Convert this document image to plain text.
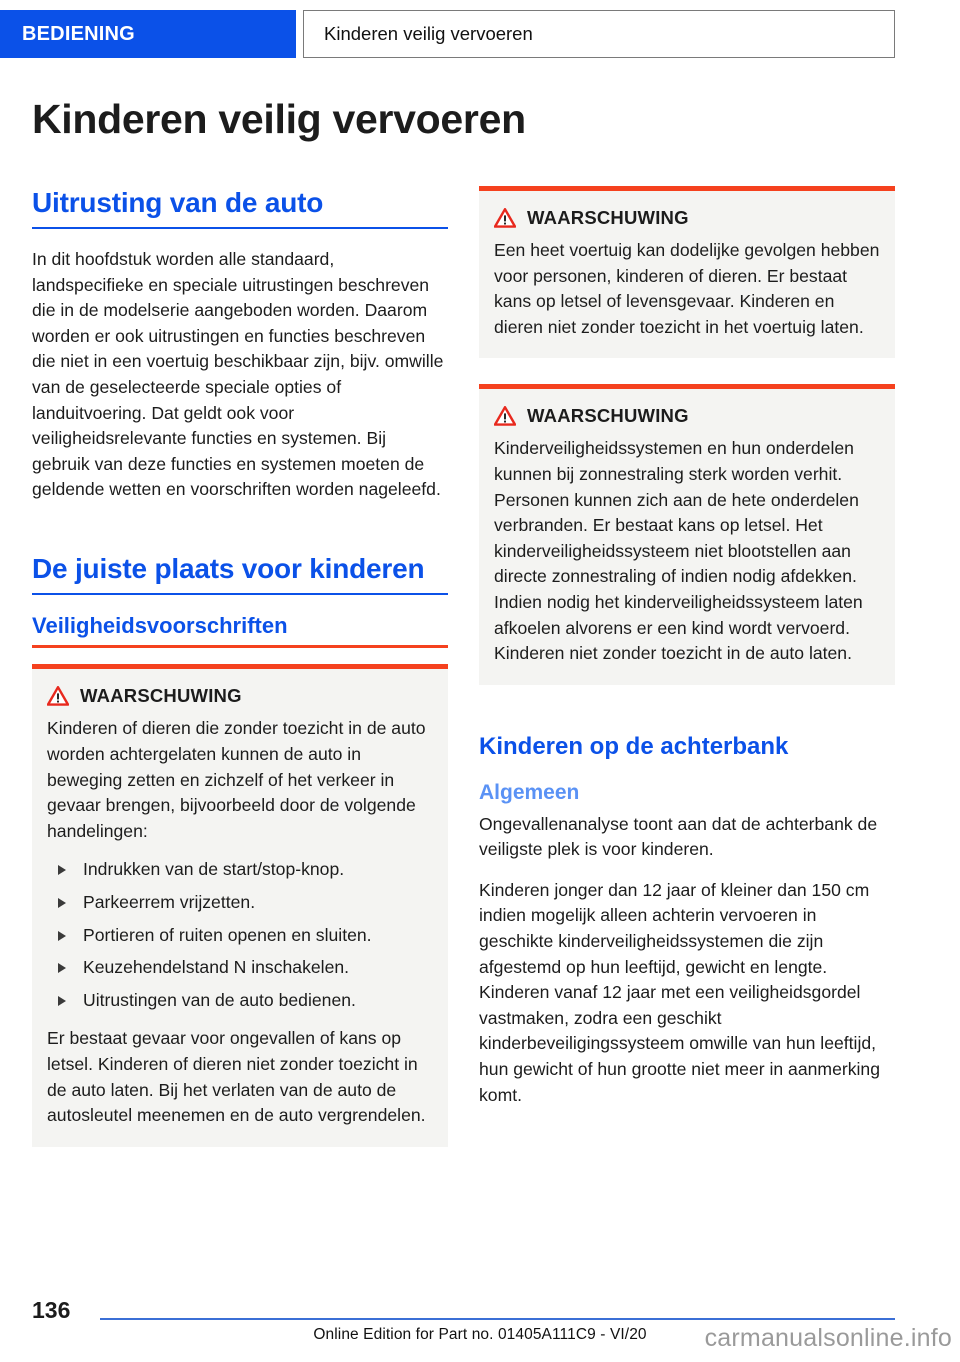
BEDIENING	Kinderen veilig vervoeren
Kinderen veilig vervoeren
Uitrusting van de auto

In dit hoofdstuk worden alle standaard, landspecifieke en speciale uitrustingen beschreven die in de modelserie aangeboden worden. Daarom worden er ook uitrustingen en functies beschreven die niet in een voertuig beschikbaar zijn, bijv. omwille van de geselecteerde speciale opties of landuitvoering. Dat geldt ook voor veiligheidsrelevante functies en systemen. Bij gebruik van deze functies en systemen moeten de geldende wetten en voorschriften worden nageleefd.

De juiste plaats voor kinderen
Veiligheidsvoorschriften
WAARSCHUWING

Kinderen of dieren die zonder toezicht in de auto worden achtergelaten kunnen de auto in beweging zetten en zichzelf of het verkeer in gevaar brengen, bijvoorbeeld door de volgende handelingen:

Indrukken van de start/stop-knop.
Parkeerrem vrijzetten.
Portieren of ruiten openen en sluiten.
Keuzehendelstand N inschakelen.
Uitrustingen van de auto bedienen.

Er bestaat gevaar voor ongevallen of kans op letsel. Kinderen of dieren niet zonder toezicht in de auto laten. Bij het verlaten van de auto de autosleutel meenemen en de auto vergrendelen.

WAARSCHUWING

Een heet voertuig kan dodelijke gevolgen hebben voor personen, kinderen of dieren. Er bestaat kans op letsel of levensgevaar. Kinderen en dieren niet zonder toezicht in het voertuig laten.

WAARSCHUWING

Kinderveiligheidssystemen en hun onderdelen kunnen bij zonnestraling sterk worden verhit. Personen kunnen zich aan de hete onderdelen verbranden. Er bestaat kans op letsel. Het kinderveiligheidssysteem niet blootstellen aan directe zonnestraling of indien nodig afdekken. Indien nodig het kinderveiligheidssysteem laten afkoelen alvorens er een kind wordt vervoerd. Kinderen niet zonder toezicht in de auto laten.

Kinderen op de achterbank
Algemeen

Ongevallenanalyse toont aan dat de achterbank de veiligste plek is voor kinderen.

Kinderen jonger dan 12 jaar of kleiner dan 150 cm indien mogelijk alleen achterin vervoeren in geschikte kinderveiligheidssystemen die zijn afgestemd op hun leeftijd, gewicht en lengte. Kinderen vanaf 12 jaar met een veiligheidsgordel vastmaken, zodra een geschikt kinderbeveiligingssysteem omwille van hun leeftijd, hun gewicht of hun grootte niet meer in aanmerking komt.

136
Online Edition for Part no. 01405A111C9 - VI/20	carmanualsonline.info
